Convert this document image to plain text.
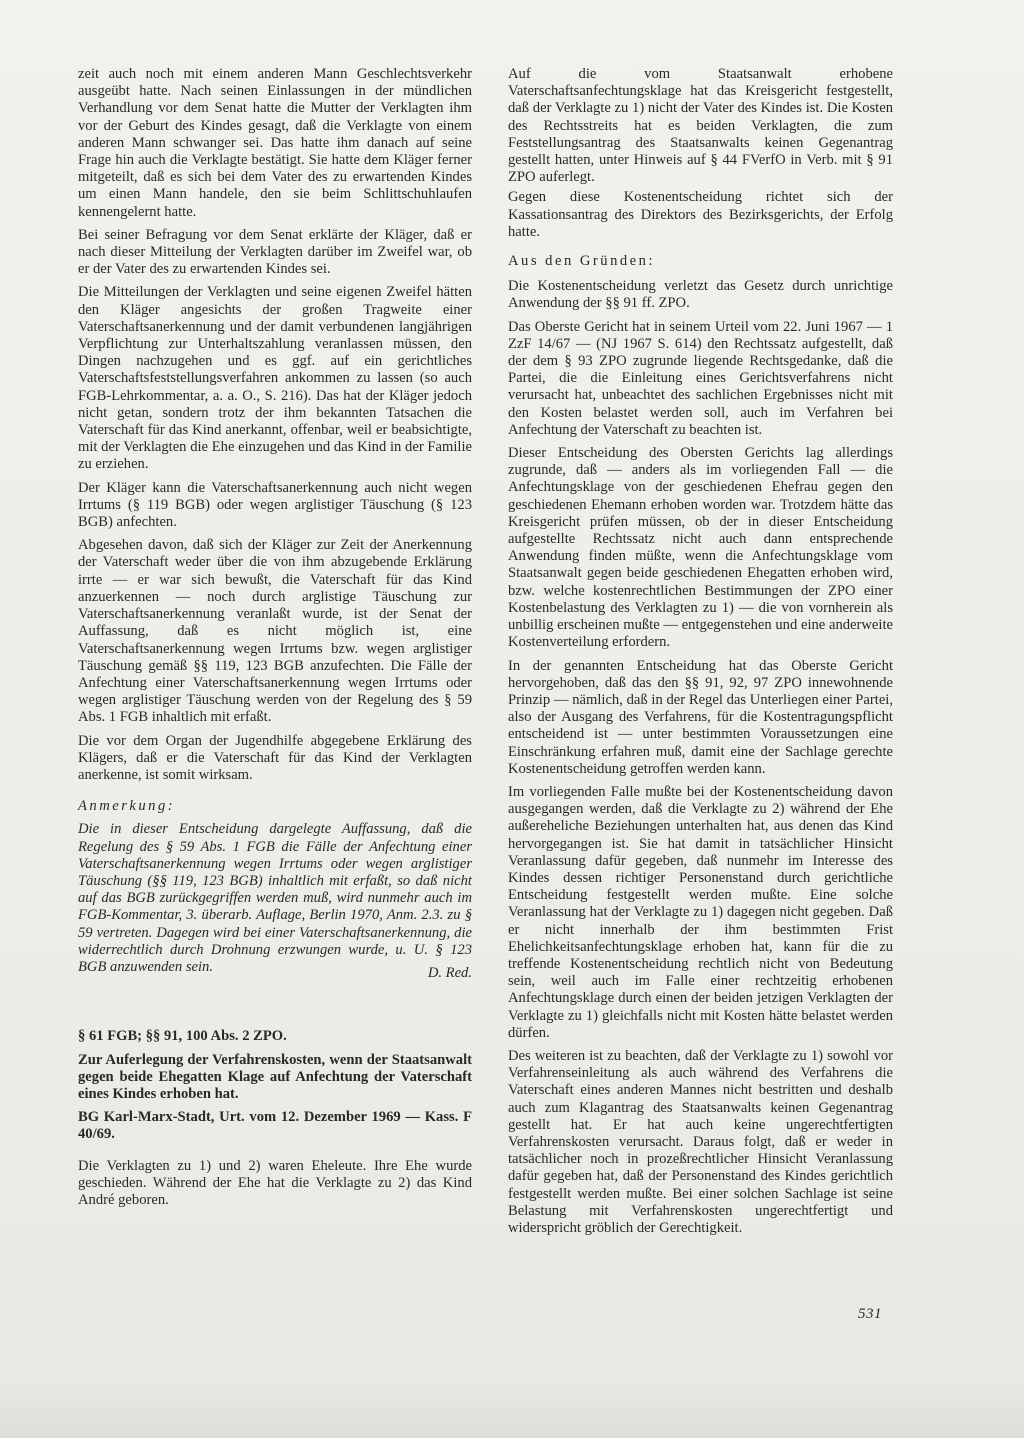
zeit auch noch mit einem anderen Mann Geschlechtsverkehr ausgeübt hatte. Nach seinen Einlassungen in der mündlichen Verhandlung vor dem Senat hatte die Mutter der Verklagten ihm vor der Geburt des Kindes gesagt, daß die Verklagte von einem anderen Mann schwanger sei. Das hatte ihm danach auf seine Frage hin auch die Verklagte bestätigt. Sie hatte dem Kläger ferner mitgeteilt, daß es sich bei dem Vater des zu erwartenden Kindes um einen Mann handele, den sie beim Schlittschuhlaufen kennengelernt hatte.

Bei seiner Befragung vor dem Senat erklärte der Kläger, daß er nach dieser Mitteilung der Verklagten darüber im Zweifel war, ob er der Vater des zu erwartenden Kindes sei.

Die Mitteilungen der Verklagten und seine eigenen Zweifel hätten den Kläger angesichts der großen Tragweite einer Vaterschaftsanerkennung und der damit verbundenen langjährigen Verpflichtung zur Unterhaltszahlung veranlassen müssen, den Dingen nachzugehen und es ggf. auf ein gerichtliches Vaterschaftsfeststellungsverfahren ankommen zu lassen (so auch FGB-Lehrkommentar, a. a. O., S. 216). Das hat der Kläger jedoch nicht getan, sondern trotz der ihm bekannten Tatsachen die Vaterschaft für das Kind anerkannt, offenbar, weil er beabsichtigte, mit der Verklagten die Ehe einzugehen und das Kind in der Familie zu erziehen.

Der Kläger kann die Vaterschaftsanerkennung auch nicht wegen Irrtums (§ 119 BGB) oder wegen arglistiger Täuschung (§ 123 BGB) anfechten.

Abgesehen davon, daß sich der Kläger zur Zeit der Anerkennung der Vaterschaft weder über die von ihm abzugebende Erklärung irrte — er war sich bewußt, die Vaterschaft für das Kind anzuerkennen — noch durch arglistige Täuschung zur Vaterschaftsanerkennung veranlaßt wurde, ist der Senat der Auffassung, daß es nicht möglich ist, eine Vaterschaftsanerkennung wegen Irrtums bzw. wegen arglistiger Täuschung gemäß §§ 119, 123 BGB anzufechten. Die Fälle der Anfechtung einer Vaterschaftsanerkennung wegen Irrtums oder wegen arglistiger Täuschung werden von der Regelung des § 59 Abs. 1 FGB inhaltlich mit erfaßt.

Die vor dem Organ der Jugendhilfe abgegebene Erklärung des Klägers, daß er die Vaterschaft für das Kind der Verklagten anerkenne, ist somit wirksam.

Anmerkung:

Die in dieser Entscheidung dargelegte Auffassung, daß die Regelung des § 59 Abs. 1 FGB die Fälle der Anfechtung einer Vaterschaftsanerkennung wegen Irrtums oder wegen arglistiger Täuschung (§§ 119, 123 BGB) inhaltlich mit erfaßt, so daß nicht auf das BGB zurückgegriffen werden muß, wird nunmehr auch im FGB-Kommentar, 3. überarb. Auflage, Berlin 1970, Anm. 2.3. zu § 59 vertreten. Dagegen wird bei einer Vaterschaftsanerkennung, die widerrechtlich durch Drohnung erzwungen wurde, u. U. § 123 BGB anzuwenden sein.	D. Red.

§ 61 FGB; §§ 91, 100 Abs. 2 ZPO.

Zur Auferlegung der Verfahrenskosten, wenn der Staatsanwalt gegen beide Ehegatten Klage auf Anfechtung der Vaterschaft eines Kindes erhoben hat.

BG Karl-Marx-Stadt, Urt. vom 12. Dezember 1969 — Kass. F 40/69.

Die Verklagten zu 1) und 2) waren Eheleute. Ihre Ehe wurde geschieden. Während der Ehe hat die Verklagte zu 2) das Kind André geboren.

Auf die vom Staatsanwalt erhobene Vaterschaftsanfechtungsklage hat das Kreisgericht festgestellt, daß der Verklagte zu 1) nicht der Vater des Kindes ist. Die Kosten des Rechtsstreits hat es beiden Verklagten, die zum Feststellungsantrag des Staatsanwalts keinen Gegenantrag gestellt hatten, unter Hinweis auf § 44 FVerfO in Verb. mit § 91 ZPO auferlegt.

Gegen diese Kostenentscheidung richtet sich der Kassationsantrag des Direktors des Bezirksgerichts, der Erfolg hatte.

Aus den Gründen:

Die Kostenentscheidung verletzt das Gesetz durch unrichtige Anwendung der §§ 91 ff. ZPO.

Das Oberste Gericht hat in seinem Urteil vom 22. Juni 1967 — 1 ZzF 14/67 — (NJ 1967 S. 614) den Rechtssatz aufgestellt, daß der dem § 93 ZPO zugrunde liegende Rechtsgedanke, daß die Partei, die die Einleitung eines Gerichtsverfahrens nicht verursacht hat, unbeachtet des sachlichen Ergebnisses nicht mit den Kosten belastet werden soll, auch im Verfahren bei Anfechtung der Vaterschaft zu beachten ist.

Dieser Entscheidung des Obersten Gerichts lag allerdings zugrunde, daß — anders als im vorliegenden Fall — die Anfechtungsklage von der geschiedenen Ehefrau gegen den geschiedenen Ehemann erhoben worden war. Trotzdem hätte das Kreisgericht prüfen müssen, ob der in dieser Entscheidung aufgestellte Rechtssatz nicht auch dann entsprechende Anwendung finden müßte, wenn die Anfechtungsklage vom Staatsanwalt gegen beide geschiedenen Ehegatten erhoben wird, bzw. welche kostenrechtlichen Bestimmungen der ZPO einer Kostenbelastung des Verklagten zu 1) — die von vornherein als unbillig erscheinen mußte — entgegenstehen und eine anderweite Kostenverteilung erfordern.

In der genannten Entscheidung hat das Oberste Gericht hervorgehoben, daß das den §§ 91, 92, 97 ZPO innewohnende Prinzip — nämlich, daß in der Regel das Unterliegen einer Partei, also der Ausgang des Verfahrens, für die Kostentragungspflicht entscheidend ist — unter bestimmten Voraussetzungen eine Einschränkung erfahren muß, damit eine der Sachlage gerechte Kostenentscheidung getroffen werden kann.

Im vorliegenden Falle mußte bei der Kostenentscheidung davon ausgegangen werden, daß die Verklagte zu 2) während der Ehe außereheliche Beziehungen unterhalten hat, aus denen das Kind hervorgegangen ist. Sie hat damit in tatsächlicher Hinsicht Veranlassung dafür gegeben, daß nunmehr im Interesse des Kindes dessen richtiger Personenstand durch gerichtliche Entscheidung festgestellt werden mußte. Eine solche Veranlassung hat der Verklagte zu 1) dagegen nicht gegeben. Daß er nicht innerhalb der ihm bestimmten Frist Ehelichkeitsanfechtungsklage erhoben hat, kann für die zu treffende Kostenentscheidung rechtlich nicht von Bedeutung sein, weil auch im Falle einer rechtzeitig erhobenen Anfechtungsklage durch einen der beiden jetzigen Verklagten der Verklagte zu 1) gleichfalls nicht mit Kosten hätte belastet werden dürfen.

Des weiteren ist zu beachten, daß der Verklagte zu 1) sowohl vor Verfahrenseinleitung als auch während des Verfahrens die Vaterschaft eines anderen Mannes nicht bestritten und deshalb auch zum Klagantrag des Staatsanwalts keinen Gegenantrag gestellt hat. Er hat auch keine ungerechtfertigten Verfahrenskosten verursacht. Daraus folgt, daß er weder in tatsächlicher noch in prozeßrechtlicher Hinsicht Veranlassung dafür gegeben hat, daß der Personenstand des Kindes gerichtlich festgestellt werden mußte. Bei einer solchen Sachlage ist seine Belastung mit Verfahrenskosten ungerechtfertigt und widerspricht gröblich der Gerechtigkeit.

531
